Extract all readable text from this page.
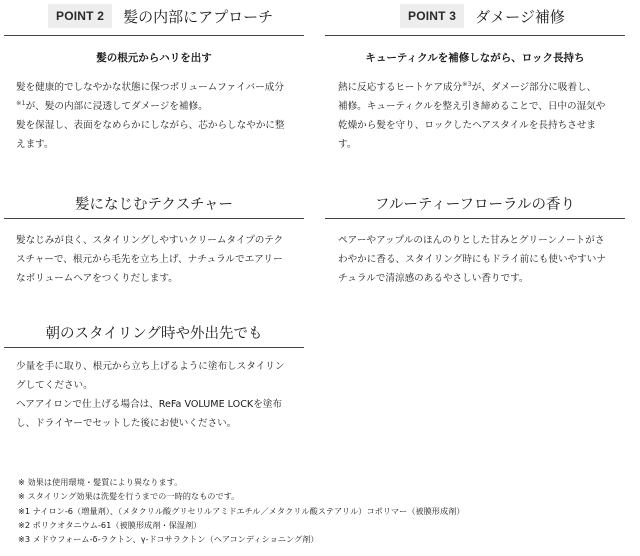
POINT 2 髪の内部にアプローチ
髪の根元からハリを出す

髪を健康的でしなやかな状態に保つボリュームファイバー成分

$^{※1}$が、髪の内部に浸透してダメージを補修。

髪を保湿し、表面をなめらかにしながら、芯からしなやかに整

えます。

POINT 3 ダメージ補修
キューティクルを補修しながら、ロック長持ち

熱に反応するヒートケア成分$^{※3}$が、ダメージ部分に吸着し、

補修。キューティクルを整え引き締めることで、日中の湿気や

乾燥から髪を守り、ロックしたヘアスタイルを長持ちさせま

す。

髪になじむテクスチャー

髪なじみが良く、スタイリングしやすいクリームタイプのテク

スチャーで、根元から毛先を立ち上げ、ナチュラルでエアリー

なボリュームヘアをつくりだします。

フルーティーフローラルの香り

ペアーやアップルのほんのりとした甘みとグリーンノートがさ

わやかに香る、スタイリング時にもドライ前にも使いやすいナ

チュラルで清涼感のあるやさしい香りです。

朝のスタイリング時や外出先でも

少量を手に取り、根元から立ち上げるように塗布しスタイリン

グしてください。

ヘアアイロンで仕上げる場合は、ReFa VOLUME LOCKを塗布

し、ドライヤーでセットした後にお使いください。

※ 効果は使用環境・髪質により異なります。
※ スタイリング効果は洗髪を行うまでの一時的なものです。
※1 ナイロン-6（増量剤）、（メタクリル酸グリセリルアミドエチル／メタクリル酸ステアリル）コポリマー（被膜形成剤）
※2 ポリクオタニウム-61（被膜形成剤・保湿剤）
※3 メドウフォーム-δ-ラクトン、γ-ドコサラクトン（ヘアコンディショニング剤）
